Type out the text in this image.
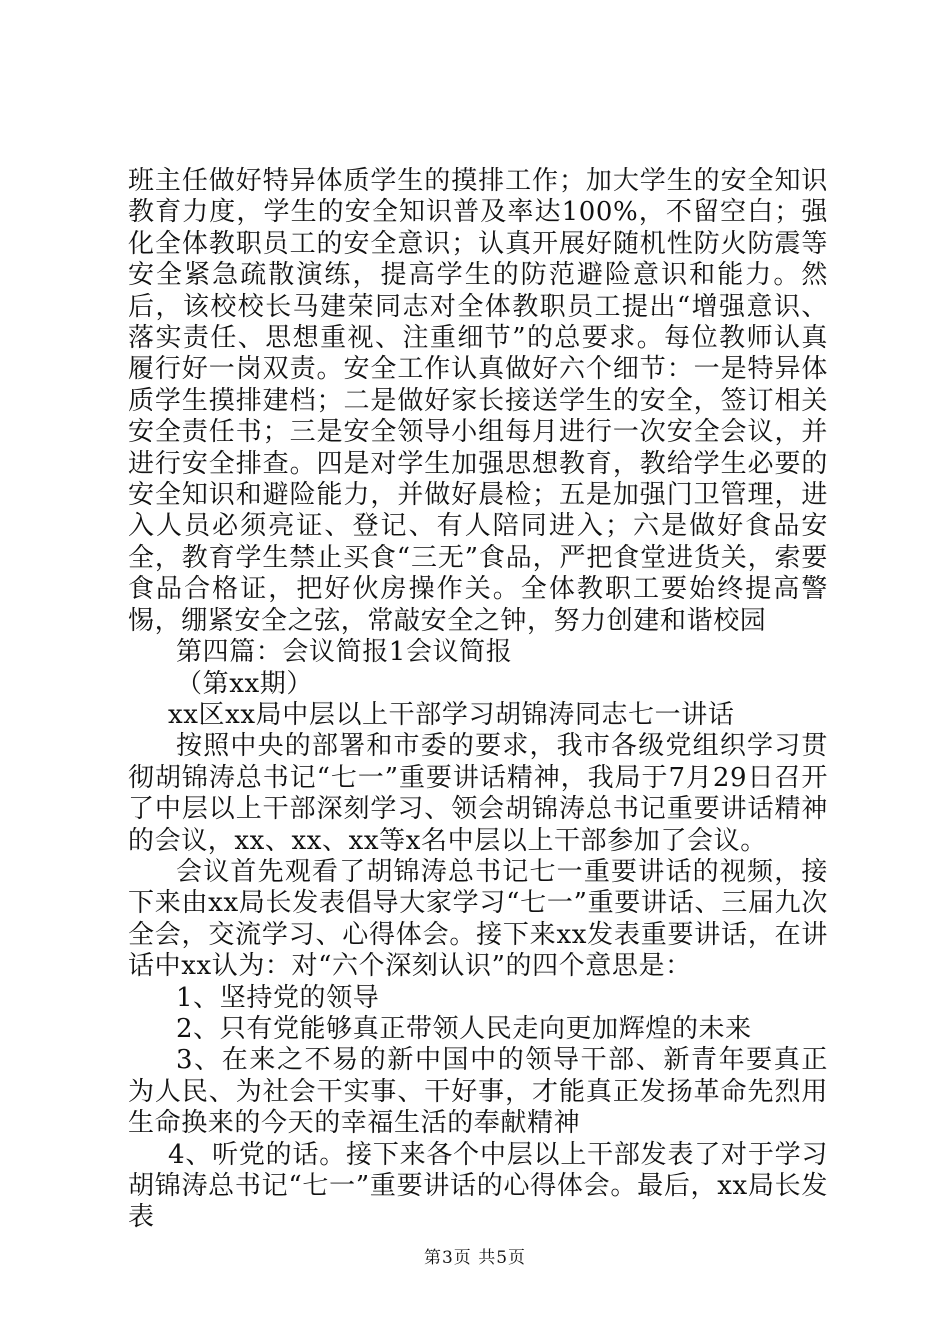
班主任做好特异体质学生的摸排工作；加大学生的安全知识教育力度，学生的安全知识普及率达100%，不留空白；强化全体教职员工的安全意识；认真开展好随机性防火防震等安全紧急疏散演练，提高学生的防范避险意识和能力。然后，该校校长马建荣同志对全体教职员工提出“增强意识、落实责任、思想重视、注重细节”的总要求。每位教师认真履行好一岗双责。安全工作认真做好六个细节：一是特异体质学生摸排建档；二是做好家长接送学生的安全，签订相关安全责任书；三是安全领导小组每月进行一次安全会议，并进行安全排查。四是对学生加强思想教育，教给学生必要的安全知识和避险能力，并做好晨检；五是加强门卫管理，进入人员必须亮证、登记、有人陪同进入；六是做好食品安全，教育学生禁止买食“三无”食品，严把食堂进货关，索要食品合格证，把好伙房操作关。全体教职工要始终提高警惕，绷紧安全之弦，常敲安全之钟，努力创建和谐校园

第四篇：会议简报1会议简报

（第xx期）

xx区xx局中层以上干部学习胡锦涛同志七一讲话

按照中央的部署和市委的要求，我市各级党组织学习贯彻胡锦涛总书记“七一”重要讲话精神，我局于7月29日召开了中层以上干部深刻学习、领会胡锦涛总书记重要讲话精神的会议，xx、xx、xx等x名中层以上干部参加了会议。

会议首先观看了胡锦涛总书记七一重要讲话的视频，接下来由xx局长发表倡导大家学习“七一”重要讲话、三届九次全会，交流学习、心得体会。接下来xx发表重要讲话，在讲话中xx认为：对“六个深刻认识”的四个意思是：

1、坚持党的领导

2、只有党能够真正带领人民走向更加辉煌的未来

3、在来之不易的新中国中的领导干部、新青年要真正为人民、为社会干实事、干好事，才能真正发扬革命先烈用生命换来的今天的幸福生活的奉献精神

4、听党的话。接下来各个中层以上干部发表了对于学习胡锦涛总书记“七一”重要讲话的心得体会。最后，xx局长发表

第3页 共5页
